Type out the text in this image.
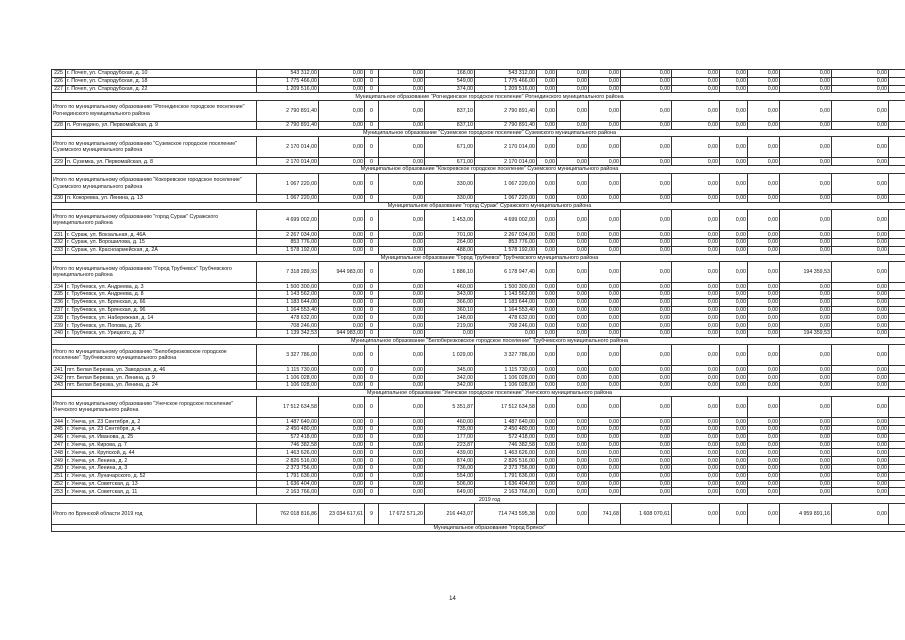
225	г. Почеп, ул. Стародубская, д. 10	543 312,00	0,00	0	0,00	168,00	543 312,00	0,00	0,00	0,00	0,00	0,00	0,00	0,00	0,00	0,00	
226	г. Почеп, ул. Стародубская, д. 18	1 775 466,00	0,00	0	0,00	549,00	1 775 466,00	0,00	0,00	0,00	0,00	0,00	0,00	0,00	0,00	0,00	
227	г. Почеп, ул. Стародубская, д. 22	1 209 516,00	0,00	0	0,00	374,00	1 209 516,00	0,00	0,00	0,00	0,00	0,00	0,00	0,00	0,00	0,00	
Муниципальное образование "Рогнединское городское поселение" Рогнединского муниципального района																	
Итого по муниципальному образованию "Рогнединское городское поселение" Рогнединского муниципального района		2 790 891,40	0,00	0	0,00	837,10	2 790 891,40	0,00	0,00	0,00	0,00	0,00	0,00	0,00	0,00	0,00	
228	п. Рогнедино, ул. Первомайская, д. 9	2 790 891,40	0,00	0	0,00	837,10	2 790 891,40	0,00	0,00	0,00	0,00	0,00	0,00	0,00	0,00	0,00	
Муниципальное образование "Суземское городское поселение" Суземского муниципального района																	
Итого по муниципальному образованию "Суземское городское поселение" Суземского муниципального района		2 170 014,00	0,00	0	0,00	671,00	2 170 014,00	0,00	0,00	0,00	0,00	0,00	0,00	0,00	0,00	0,00	
229	п. Суземка, ул. Первомайская, д. 8	2 170 014,00	0,00	0	0,00	671,00	2 170 014,00	0,00	0,00	0,00	0,00	0,00	0,00	0,00	0,00	0,00	
Муниципальное образование "Кокоревское городское поселение" Суземского муниципального района																	
Итого по муниципальному образованию "Кокоревское городское поселение" Суземского муниципального района		1 067 220,00	0,00	0	0,00	330,00	1 067 220,00	0,00	0,00	0,00	0,00	0,00	0,00	0,00	0,00	0,00	
230	п. Кокоревка, ул. Ленина, д. 13	1 067 220,00	0,00	0	0,00	330,00	1 067 220,00	0,00	0,00	0,00	0,00	0,00	0,00	0,00	0,00	0,00	
Муниципальное образование "город Сураж" Суражского муниципального района																	
Итого по муниципальному образованию "город Сураж" Суражского муниципального района		4 699 002,00	0,00	0	0,00	1 453,00	4 699 002,00	0,00	0,00	0,00	0,00	0,00	0,00	0,00	0,00	0,00	
231	г. Сураж, ул. Вокзальная, д. 46А	2 267 034,00	0,00	0	0,00	701,00	2 267 034,00	0,00	0,00	0,00	0,00	0,00	0,00	0,00	0,00	0,00	
232	г. Сураж, ул. Ворошилова, д. 15	853 776,00	0,00	0	0,00	264,00	853 776,00	0,00	0,00	0,00	0,00	0,00	0,00	0,00	0,00	0,00	
233	г. Сураж, ул. Красноармейская, д. 2А	1 578 192,00	0,00	0	0,00	488,00	1 578 192,00	0,00	0,00	0,00	0,00	0,00	0,00	0,00	0,00	0,00	
Муниципальное образование "Город Трубчевск" Трубчевского муниципального района																	
Итого по муниципальному образованию "Город Трубчевск" Трубчевского муниципального района		7 318 289,93	944 983,00	0	0,00	1 886,10	6 178 947,40	0,00	0,00	0,00	0,00	0,00	0,00	0,00	194 359,53	0,00	
234	г. Трубчевск, ул. Андреева, д. 3	1 500 300,00	0,00	0	0,00	460,00	1 500 300,00	0,00	0,00	0,00	0,00	0,00	0,00	0,00	0,00	0,00	
235	г. Трубчевск, ул. Андреева, д. 8	1 143 562,00	0,00	0	0,00	343,00	1 143 562,00	0,00	0,00	0,00	0,00	0,00	0,00	0,00	0,00	0,00	
236	г. Трубчевск, ул. Брянская, д. 66	1 183 644,00	0,00	0	0,00	366,00	1 183 644,00	0,00	0,00	0,00	0,00	0,00	0,00	0,00	0,00	0,00	
237	г. Трубчевск, ул. Брянская, д. 96	1 164 553,40	0,00	0	0,00	360,10	1 164 553,40	0,00	0,00	0,00	0,00	0,00	0,00	0,00	0,00	0,00	
238	г. Трубчевск, ул. Набережная, д. 14	478 632,00	0,00	0	0,00	148,00	478 632,00	0,00	0,00	0,00	0,00	0,00	0,00	0,00	0,00	0,00	
239	г. Трубчевск, ул. Попова, д. 26	708 246,00	0,00	0	0,00	219,00	708 246,00	0,00	0,00	0,00	0,00	0,00	0,00	0,00	0,00	0,00	
240	г. Трубчевск, ул. Урицкого, д. 27	1 139 342,53	944 983,00	0	0,00	0,00	0,00	0,00	0,00	0,00	0,00	0,00	0,00	0,00	194 359,53	0,00	
Муниципальное образование "Белоберезковское городское поселение" Трубчевского муниципального района																	
Итого по муниципальному образованию "Белоберезковское городское поселение" Трубчевского муниципального района		3 327 786,00	0,00	0	0,00	1 029,00	3 327 786,00	0,00	0,00	0,00	0,00	0,00	0,00	0,00	0,00	0,00	
241	пгт. Белая Березка, ул. Заводская, д. 46	1 115 730,00	0,00	0	0,00	345,00	1 115 730,00	0,00	0,00	0,00	0,00	0,00	0,00	0,00	0,00	0,00	
242	пгт. Белая Березка, ул. Ленина, д. 9	1 106 028,00	0,00	0	0,00	342,00	1 106 028,00	0,00	0,00	0,00	0,00	0,00	0,00	0,00	0,00	0,00	
243	пгт. Белая Березка, ул. Ленина, д. 24	1 106 028,00	0,00	0	0,00	342,00	1 106 028,00	0,00	0,00	0,00	0,00	0,00	0,00	0,00	0,00	0,00	
Муниципальное образование "Унечское городское поселение" Унечского муниципального района																	
Итого по муниципальному образованию "Унечское городское поселение" Унечского муниципального района		17 512 634,58	0,00	0	0,00	5 351,87	17 512 634,58	0,00	0,00	0,00	0,00	0,00	0,00	0,00	0,00	0,00	
244	г. Унеча, ул. 23 Сентября, д. 2	1 487 640,00	0,00	0	0,00	460,00	1 487 640,00	0,00	0,00	0,00	0,00	0,00	0,00	0,00	0,00	0,00	
245	г. Унеча, ул. 23 Сентября, д. 4	2 450 480,00	0,00	0	0,00	735,00	2 450 480,00	0,00	0,00	0,00	0,00	0,00	0,00	0,00	0,00	0,00	
246	г. Унеча, ул. Иванова, д. 25	572 418,00	0,00	0	0,00	177,00	572 418,00	0,00	0,00	0,00	0,00	0,00	0,00	0,00	0,00	0,00	
247	г. Унеча, ул. Кирова, д. 7	746 382,58	0,00	0	0,00	223,87	746 382,58	0,00	0,00	0,00	0,00	0,00	0,00	0,00	0,00	0,00	
248	г. Унеча, ул. Крупской, д. 44	1 463 626,00	0,00	0	0,00	439,00	1 463 626,00	0,00	0,00	0,00	0,00	0,00	0,00	0,00	0,00	0,00	
249	г. Унеча, ул. Ленина, д. 2	2 826 516,00	0,00	0	0,00	874,00	2 826 516,00	0,00	0,00	0,00	0,00	0,00	0,00	0,00	0,00	0,00	
250	г. Унеча, ул. Ленина, д. 3	2 373 756,00	0,00	0	0,00	736,00	2 373 756,00	0,00	0,00	0,00	0,00	0,00	0,00	0,00	0,00	0,00	
251	г. Унеча, ул. Луначарского, д. 52	1 791 636,00	0,00	0	0,00	554,00	1 791 636,00	0,00	0,00	0,00	0,00	0,00	0,00	0,00	0,00	0,00	
252	г. Унеча, ул. Советская, д. 13	1 636 404,00	0,00	0	0,00	506,00	1 636 404,00	0,00	0,00	0,00	0,00	0,00	0,00	0,00	0,00	0,00	
253	г. Унеча, ул. Советская, д. 11	2 163 766,00	0,00	0	0,00	649,00	2 163 766,00	0,00	0,00	0,00	0,00	0,00	0,00	0,00	0,00	0,00	
2019 год																	
Итого по Брянской области 2019 год		762 018 816,86	23 034 617,61	9	17 672 571,20	216 443,07	714 743 595,38	0,00	0,00	741,68	1 608 070,61	0,00	0,00	0,00	4 959 891,16	0,00	
Муниципальное образование "город Брянск"																	
14
